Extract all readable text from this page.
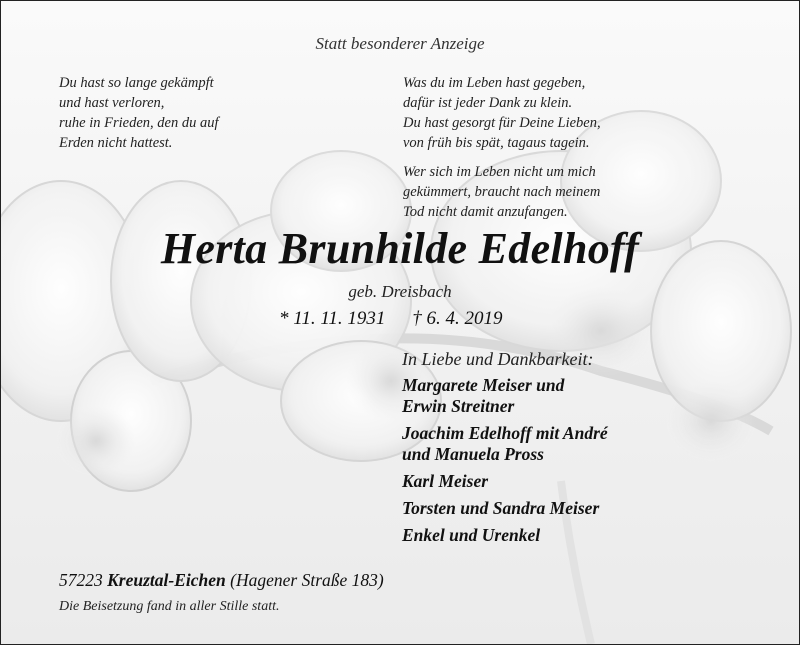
Statt besonderer Anzeige
Du hast so lange gekämpft
und hast verloren,
ruhe in Frieden, den du auf
Erden nicht hattest.
Was du im Leben hast gegeben,
dafür ist jeder Dank zu klein.
Du hast gesorgt für Deine Lieben,
von früh bis spät, tagaus tagein.
Wer sich im Leben nicht um mich
gekümmert, braucht nach meinem
Tod nicht damit anzufangen.
Herta Brunhilde Edelhoff
geb. Dreisbach
* 11. 11. 1931 † 6. 4. 2019
In Liebe und Dankbarkeit:
Margarete Meiser und
Erwin Streitner
Joachim Edelhoff mit André
und Manuela Pross
Karl Meiser
Torsten und Sandra Meiser
Enkel und Urenkel
57223 Kreuztal-Eichen (Hagener Straße 183)
Die Beisetzung fand in aller Stille statt.
